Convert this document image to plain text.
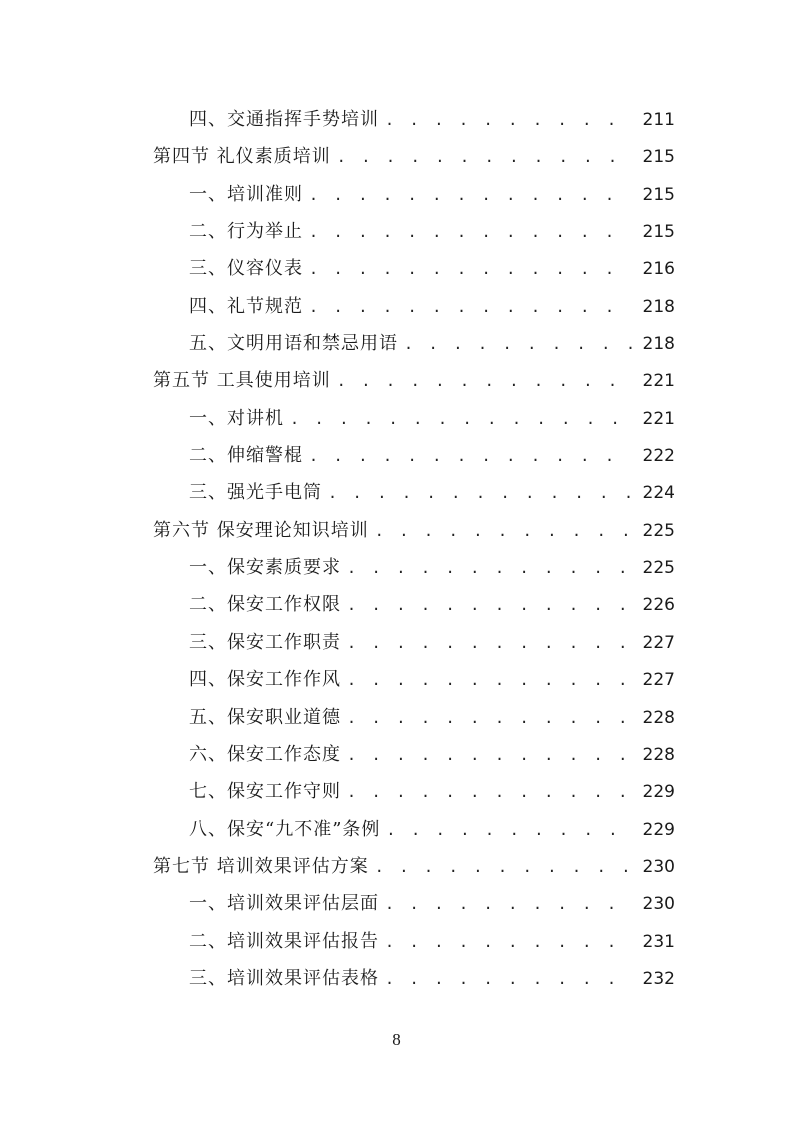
四、交通指挥手势培训 . . .	211
第四节 礼仪素质培训 . . .	215
一、培训准则 . . .	215
二、行为举止 . . .	215
三、仪容仪表 . . .	216
四、礼节规范 . . .	218
五、文明用语和禁忌用语 . . .	218
第五节 工具使用培训 . . .	221
一、对讲机 . . .	221
二、伸缩警棍 . . .	222
三、强光手电筒 . . .	224
第六节 保安理论知识培训 . . .	225
一、保安素质要求 . . .	225
二、保安工作权限 . . .	226
三、保安工作职责 . . .	227
四、保安工作作风 . . .	227
五、保安职业道德 . . .	228
六、保安工作态度 . . .	228
七、保安工作守则 . . .	229
八、保安“九不准”条例 . . .	229
第七节 培训效果评估方案 . . .	230
一、培训效果评估层面 . . .	230
二、培训效果评估报告 . . .	231
三、培训效果评估表格 . . .	232
8
